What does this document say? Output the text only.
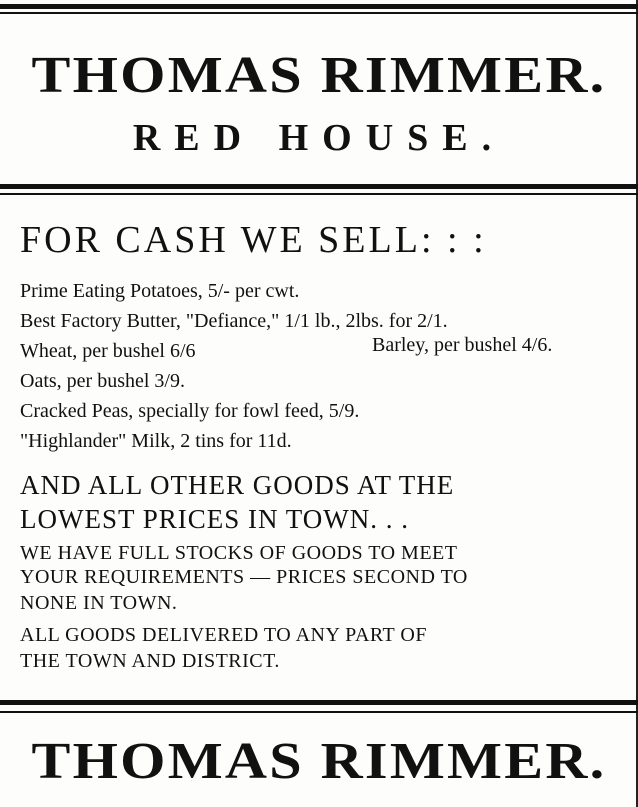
THOMAS RIMMER.
RED HOUSE.
FOR CASH WE SELL: : :
Prime Eating Potatoes, 5/- per cwt.
Best Factory Butter, "Defiance," 1/1 lb., 2lbs. for 2/1.
Wheat, per bushel 6/6	Barley, per bushel 4/6.
Oats, per bushel 3/9.
Cracked Peas, specially for fowl feed, 5/9.
"Highlander" Milk, 2 tins for 11d.
AND ALL OTHER GOODS AT THE
LOWEST PRICES IN TOWN. . .
WE HAVE FULL STOCKS OF GOODS TO MEET
YOUR REQUIREMENTS — PRICES SECOND TO
NONE IN TOWN.
ALL GOODS DELIVERED TO ANY PART OF
THE TOWN AND DISTRICT.
THOMAS RIMMER.
